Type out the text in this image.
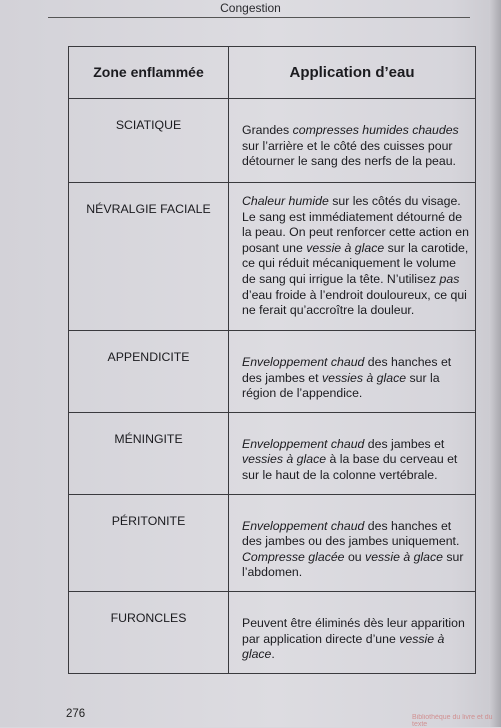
Congestion
Zone enflammée	Application d’eau
SCIATIQUE	Grandes compresses humides chaudes sur l’arrière et le côté des cuisses pour détourner le sang des nerfs de la peau.
NÉVRALGIE FACIALE	Chaleur humide sur les côtés du visage. Le sang est immédiatement détourné de la peau. On peut renforcer cette action en posant une vessie à glace sur la carotide, ce qui réduit mécaniquement le volume de sang qui irrigue la tête. N’utilisez pas d’eau froide à l’endroit douloureux, ce qui ne ferait qu’accroître la douleur.
APPENDICITE	Enveloppement chaud des hanches et des jambes et vessies à glace sur la région de l’appendice.
MÉNINGITE	Enveloppement chaud des jambes et vessies à glace à la base du cerveau et sur le haut de la colonne vertébrale.
PÉRITONITE	Enveloppement chaud des hanches et des jambes ou des jambes uniquement. Compresse glacée ou vessie à glace sur l’abdomen.
FURONCLES	Peuvent être éliminés dès leur apparition par application directe d’une vessie à glace.
276	Bibliothèque du livre et du texte
